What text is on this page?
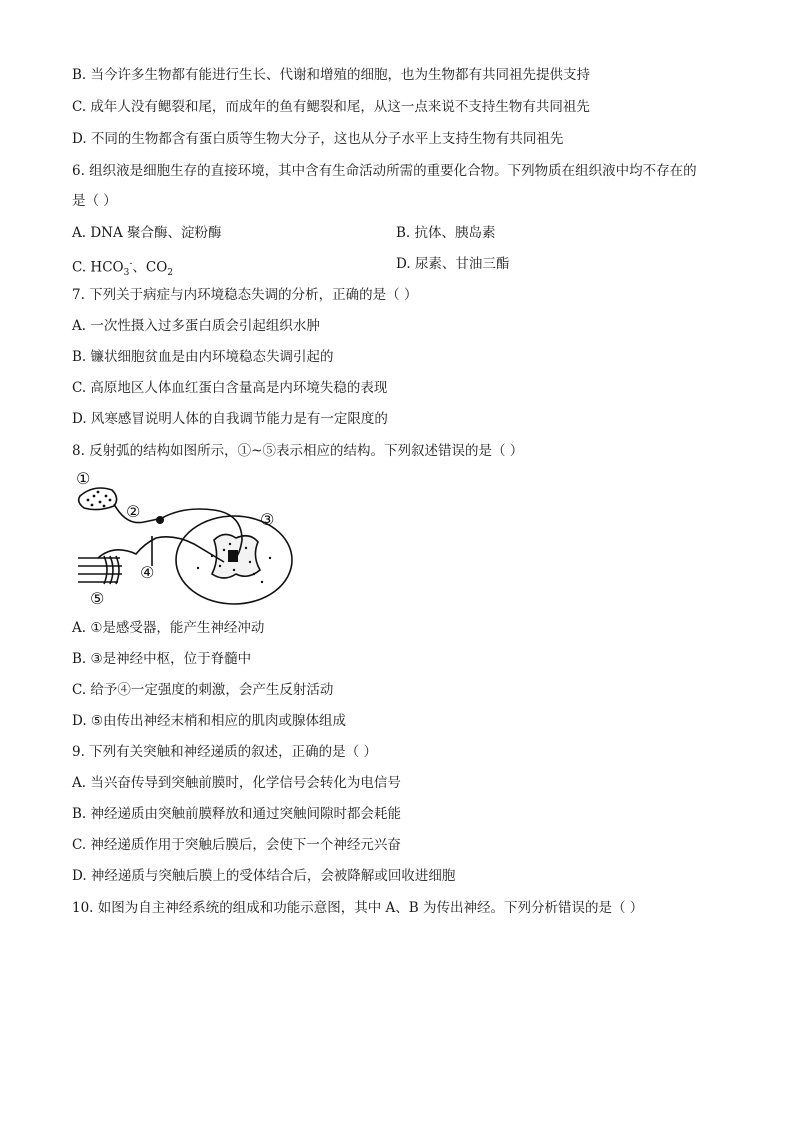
B. 当今许多生物都有能进行生长、代谢和增殖的细胞，也为生物都有共同祖先提供支持
C. 成年人没有鳃裂和尾，而成年的鱼有鳃裂和尾，从这一点来说不支持生物有共同祖先
D. 不同的生物都含有蛋白质等生物大分子，这也从分子水平上支持生物有共同祖先
6. 组织液是细胞生存的直接环境，其中含有生命活动所需的重要化合物。下列物质在组织液中均不存在的
是（ ）
A. DNA 聚合酶、淀粉酶	B. 抗体、胰岛素
C. $HCO_3^-$、$CO_2$
D. 尿素、甘油三酯
7. 下列关于病症与内环境稳态失调的分析，正确的是（ ）
A. 一次性摄入过多蛋白质会引起组织水肿
B. 镰状细胞贫血是由内环境稳态失调引起的
C. 高原地区人体血红蛋白含量高是内环境失稳的表现
D. 风寒感冒说明人体的自我调节能力是有一定限度的
8. 反射弧的结构如图所示，①~⑤表示相应的结构。下列叙述错误的是（ ）
①
②	③
④
⑤
A. ①是感受器，能产生神经冲动
B. ③是神经中枢，位于脊髓中
C. 给予④一定强度的刺激，会产生反射活动
D. ⑤由传出神经末梢和相应的肌肉或腺体组成
9. 下列有关突触和神经递质的叙述，正确的是（ ）
A. 当兴奋传导到突触前膜时，化学信号会转化为电信号
B. 神经递质由突触前膜释放和通过突触间隙时都会耗能
C. 神经递质作用于突触后膜后，会使下一个神经元兴奋
D. 神经递质与突触后膜上的受体结合后，会被降解或回收进细胞
10. 如图为自主神经系统的组成和功能示意图，其中 A、B 为传出神经。下列分析错误的是（ ）
